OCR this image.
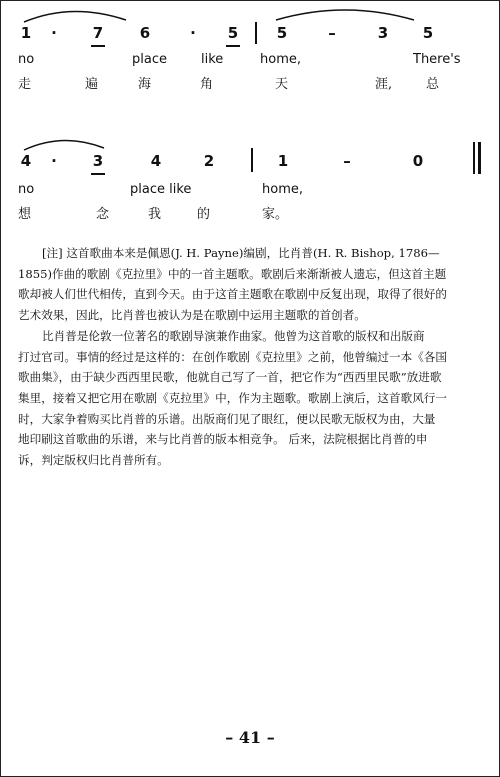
1 · 7 6	· 5	5	–	3 5
no	place	like	home,	There's
走	遍	海	角	天	涯,	总
4 · 3	4	2	1	–	0
no	place like	home,
想	念	我	的	家。
[注] 这首歌曲本来是佩恩(J. H. Payne)编剧，比肖普(H. R. Bishop, 1786—
1855)作曲的歌剧《克拉里》中的一首主题歌。歌剧后来渐渐被人遗忘，但这首主题
歌却被人们世代相传，直到今天。由于这首主题歌在歌剧中反复出现，取得了很好的
艺术效果，因此，比肖普也被认为是在歌剧中运用主题歌的首创者。
比肖普是伦敦一位著名的歌剧导演兼作曲家。他曾为这首歌的版权和出版商
打过官司。事情的经过是这样的：在创作歌剧《克拉里》之前，他曾编过一本《各国
歌曲集》，由于缺少西西里民歌，他就自己写了一首，把它作为“西西里民歌”放进歌
集里，接着又把它用在歌剧《克拉里》中，作为主题歌。歌剧上演后，这首歌风行一
时，大家争着购买比肖普的乐谱。出版商们见了眼红，便以民歌无版权为由，大量
地印刷这首歌曲的乐谱，来与比肖普的版本相竞争。 后来，法院根据比肖普的申
诉，判定版权归比肖普所有。
– 41 –
